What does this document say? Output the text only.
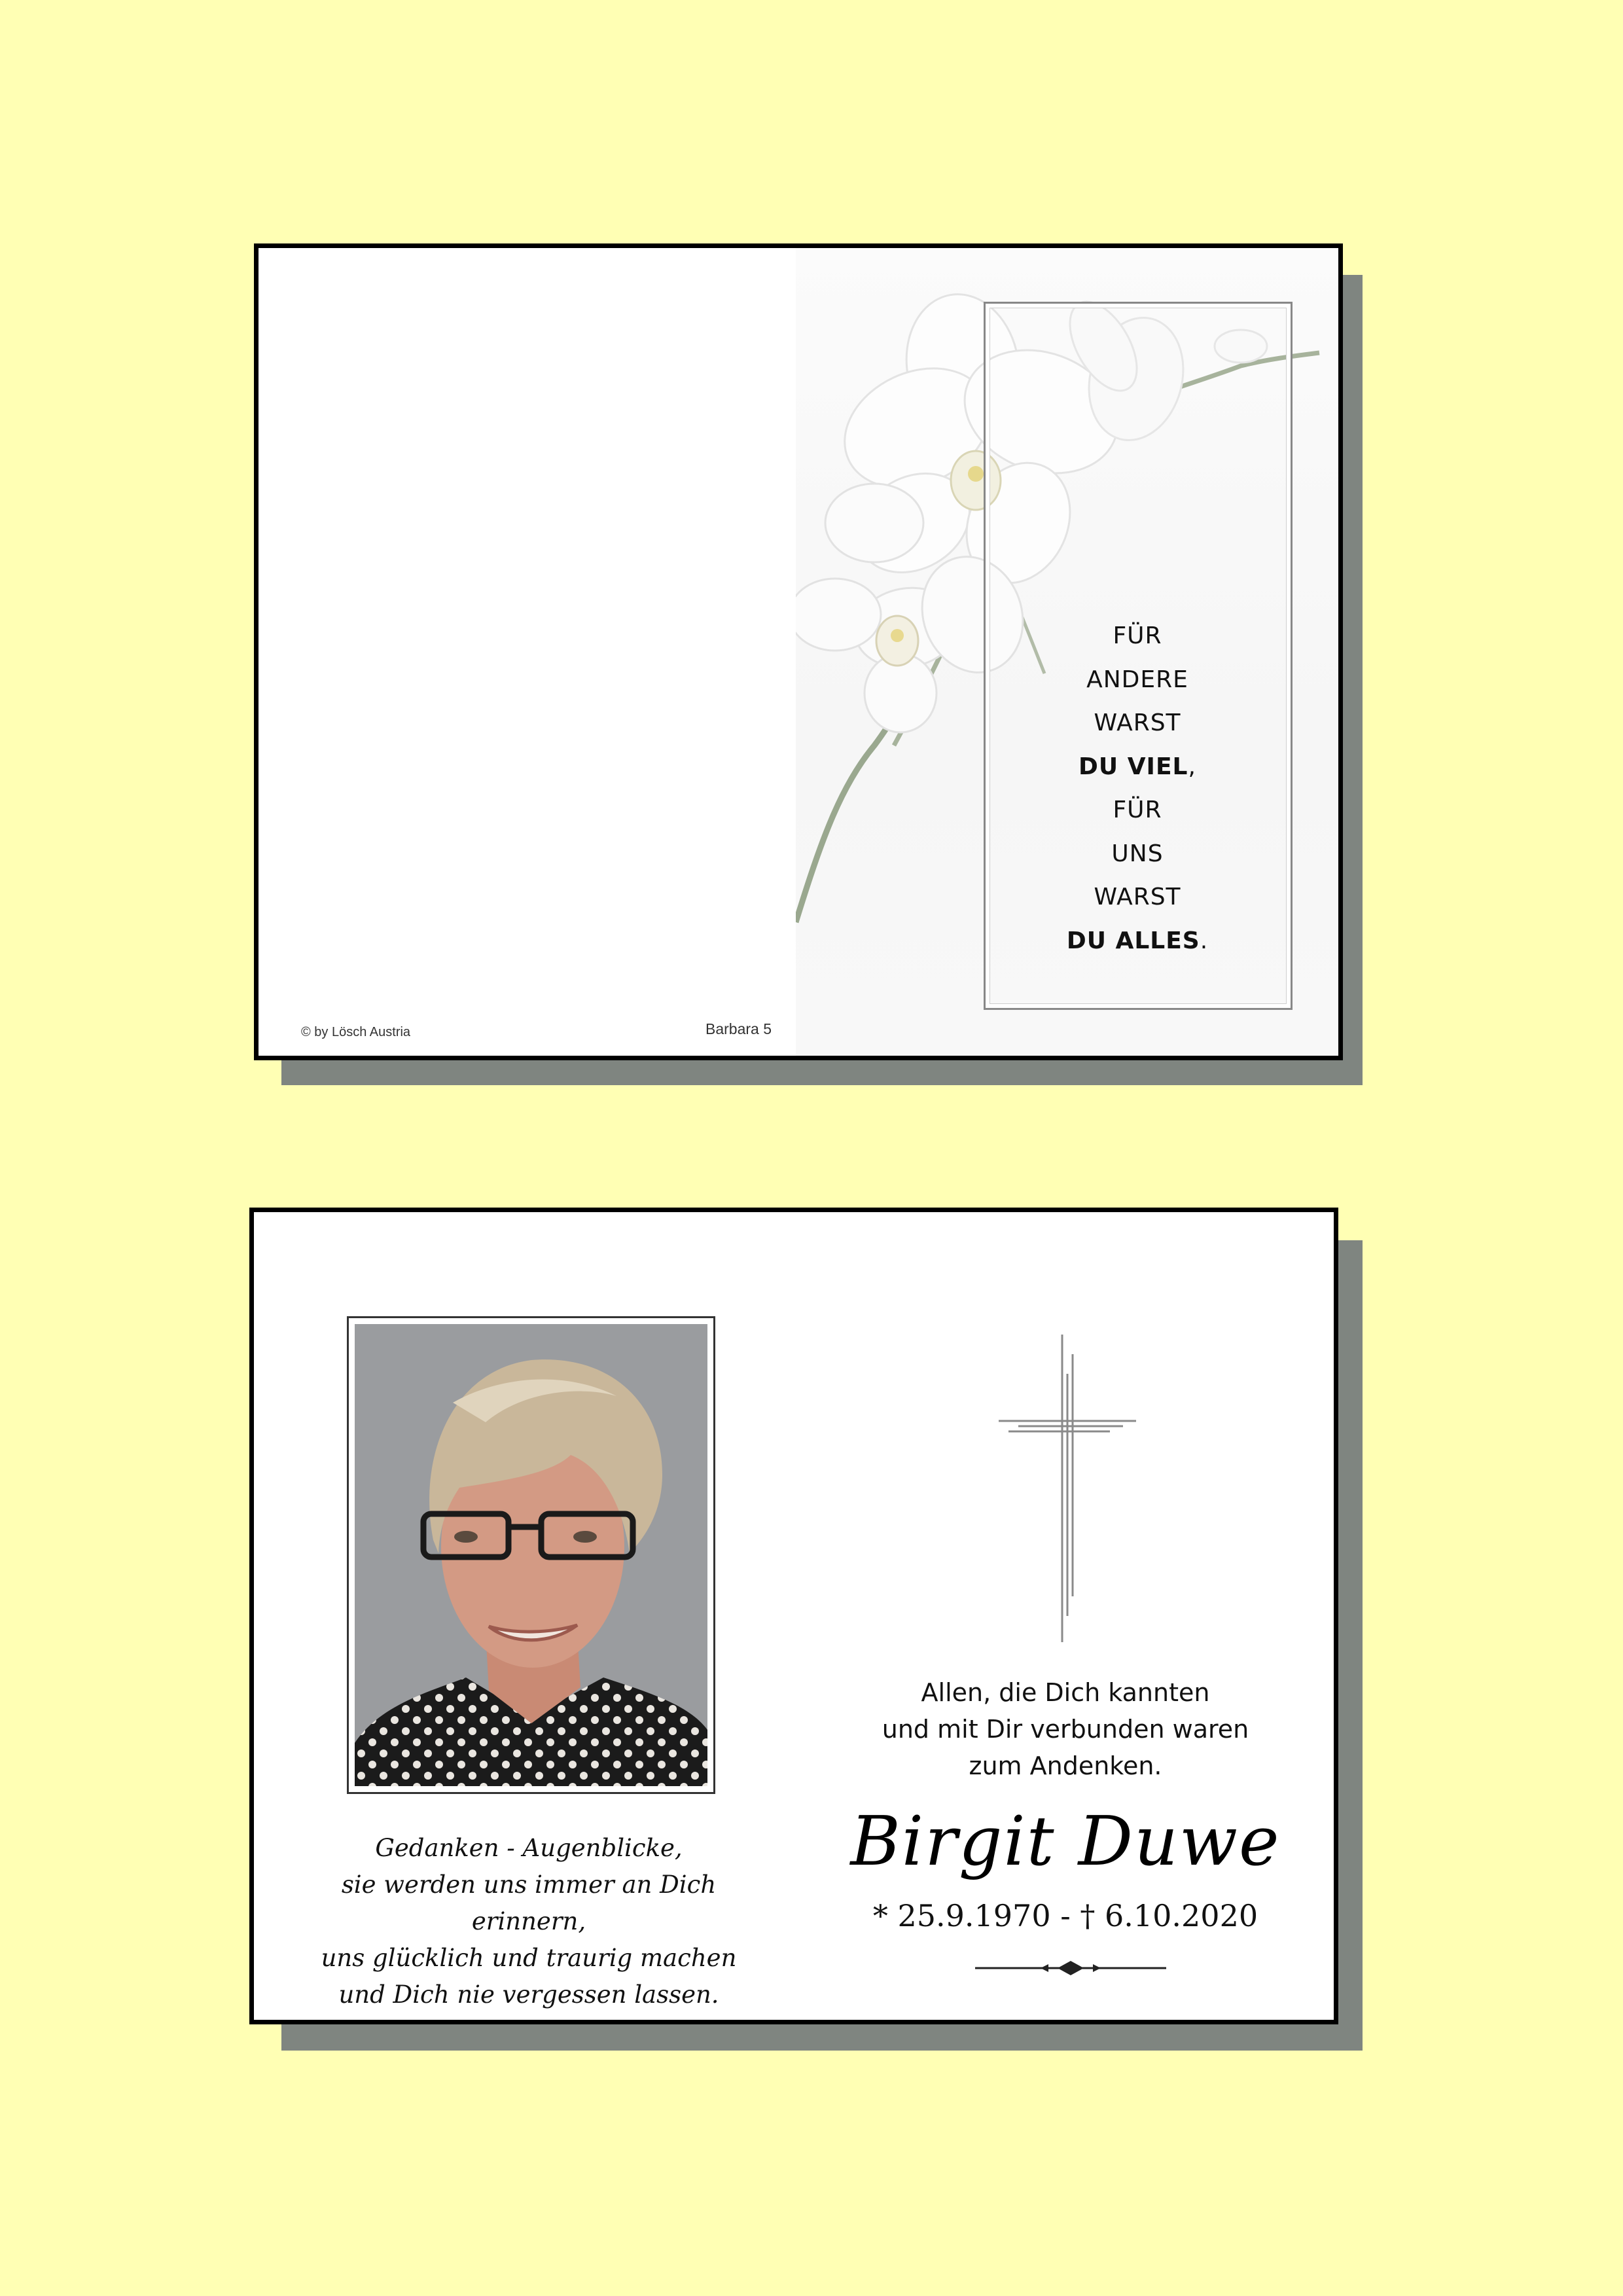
© by Lösch Austria	Barbara 5
FÜR
ANDERE
WARST
DU VIEL,
FÜR
UNS
WARST
DU ALLES.
Gedanken - Augenblicke,
sie werden uns immer an Dich erinnern,
uns glücklich und traurig machen
und Dich nie vergessen lassen.
Allen, die Dich kannten
und mit Dir verbunden waren
zum Andenken.
Birgit Duwe
* 25.9.1970 - † 6.10.2020
